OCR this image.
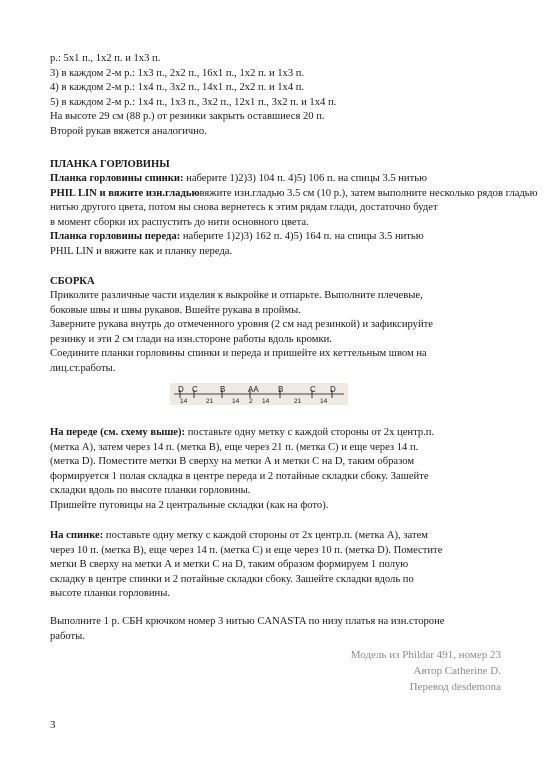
р.: 5х1 п., 1х2 п. и 1х3 п.
3) в каждом 2-м р.: 1х3 п., 2х2 п., 16х1 п., 1х2 п. и 1х3 п.
4) в каждом 2-м р.: 1х4 п., 3х2 п., 14х1 п., 2х2 п. и 1х4 п.
5) в каждом 2-м р.: 1х4 п., 1х3 п., 3х2 п., 12х1 п., 3х2 п. и 1х4 п.
На высоте 29 см (88 р.) от резинки закрыть оставшиеся 20 п.
Второй рукав вяжется аналогично.
ПЛАНКА ГОРЛОВИНЫ
Планка горловины спинки: наберите 1)2)3) 104 п. 4)5) 106 п. на спицы 3.5 нитью
PHIL LIN и вяжите изн.гладьювяжите изн.гладью 3.5 см (10 р.), затем выполните несколько рядов гладью
нитью другого цвета, потом вы снова вернетесь к этим рядам глади, достаточно будет
в момент сборки их распустить до нити основного цвета.
Планка горловины переда: наберите 1)2)3) 162 п. 4)5) 164 п. на спицы 3.5 нитью
PHIL LIN и вяжите как и планку переда.
СБОРКА
Приколите различные части изделия к выкройке и отпарьте. Выполните плечевые,
боковые швы и швы рукавов. Вшейте рукава в проймы.
Заверните рукава внутрь до отмеченного уровня (2 см над резинкой) и зафиксируйте
резинку и эти 2 см глади на изн.стороне работы вдоль кромки.
Соедините планки горловины спинки и переда и пришейте их кеттельным швом на
лиц.ст.работы.
D C	B	AA B	C D
14	21	14 2 14	21	14
На переде (см. схему выше): поставьте одну метку с каждой стороны от 2х центр.п.
(метка А), затем через 14 п. (метка В), еще через 21 п. (метка С) и еще через 14 п.
(метка D). Поместите метки В сверху на метки А и метки С на D, таким образом
формируется 1 полая складка в центре переда и 2 потайные складки сбоку. Зашейте
складки вдоль по высоте планки горловины.
Пришейте пуговицы на 2 центральные складки (как на фото).
На спинке: поставьте одну метку с каждой стороны от 2х центр.п. (метка А), затем
через 10 п. (метка В), еще через 14 п. (метка С) и еще через 10 п. (метка D). Поместите
метки В сверху на метки А и метки С на D, таким образом формируем 1 полую
складку в центре спинки и 2 потайные складки сбоку. Зашейте складки вдоль по
высоте планки горловины.
Выполните 1 р. СБН крючком номер 3 нитью CANASTA по низу платья на изн.стороне
работы.
Модель из Phildar 491, номер 23
Автор Catherine D.
Перевод desdemona
3
